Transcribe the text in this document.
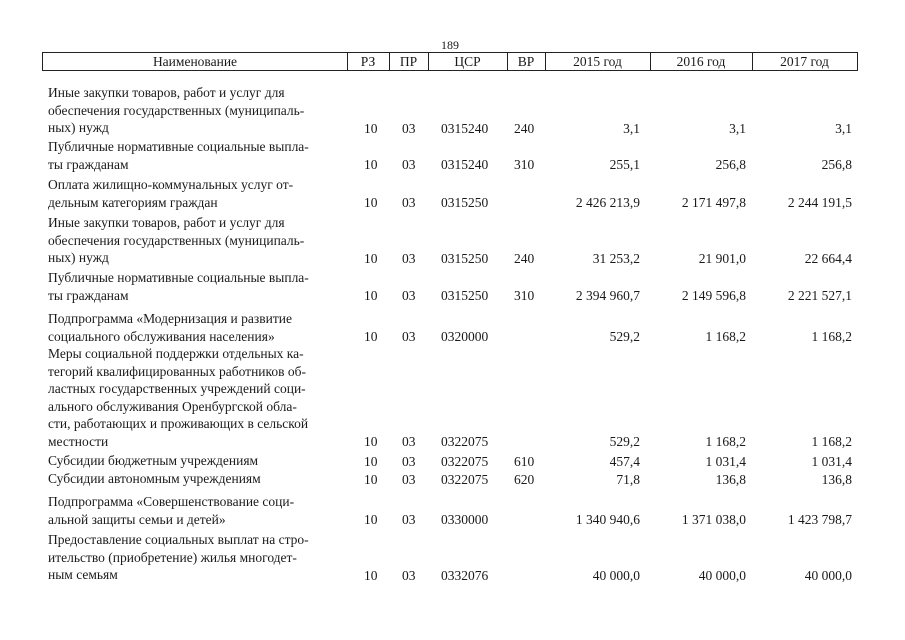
189
Наименование	РЗ	ПР	ЦСР	ВР	2015 год	2016 год	2017 год
Иные закупки товаров, работ и услуг для
обеспечения государственных (муниципаль-
ных) нужд	10 03 0315240 240	3,1	3,1	3,1
Публичные нормативные социальные выпла-
ты гражданам	10 03 0315240 310	255,1	256,8	256,8
Оплата жилищно-коммунальных услуг от-
дельным категориям граждан	10 03 0315250	2 426 213,9	2 171 497,8	2 244 191,5
Иные закупки товаров, работ и услуг для
обеспечения государственных (муниципаль-
ных) нужд	10 03 0315250 240	31 253,2	21 901,0	22 664,4
Публичные нормативные социальные выпла-
ты гражданам	10 03 0315250 310	2 394 960,7	2 149 596,8	2 221 527,1
Подпрограмма «Модернизация и развитие
социального обслуживания населения»	10 03 0320000	529,2	1 168,2	1 168,2
Меры социальной поддержки отдельных ка-
тегорий квалифицированных работников об-
ластных государственных учреждений соци-
ального обслуживания Оренбургской обла-
сти, работающих и проживающих в сельской
местности	10 03 0322075	529,2	1 168,2	1 168,2
Субсидии бюджетным учреждениям	10 03 0322075 610	457,4	1 031,4	1 031,4
Субсидии автономным учреждениям	10 03 0322075 620	71,8	136,8	136,8
Подпрограмма «Совершенствование соци-
альной защиты семьи и детей»	10 03 0330000	1 340 940,6	1 371 038,0	1 423 798,7
Предоставление социальных выплат на стро-
ительство (приобретение) жилья многодет-
ным семьям	10 03 0332076	40 000,0	40 000,0	40 000,0
